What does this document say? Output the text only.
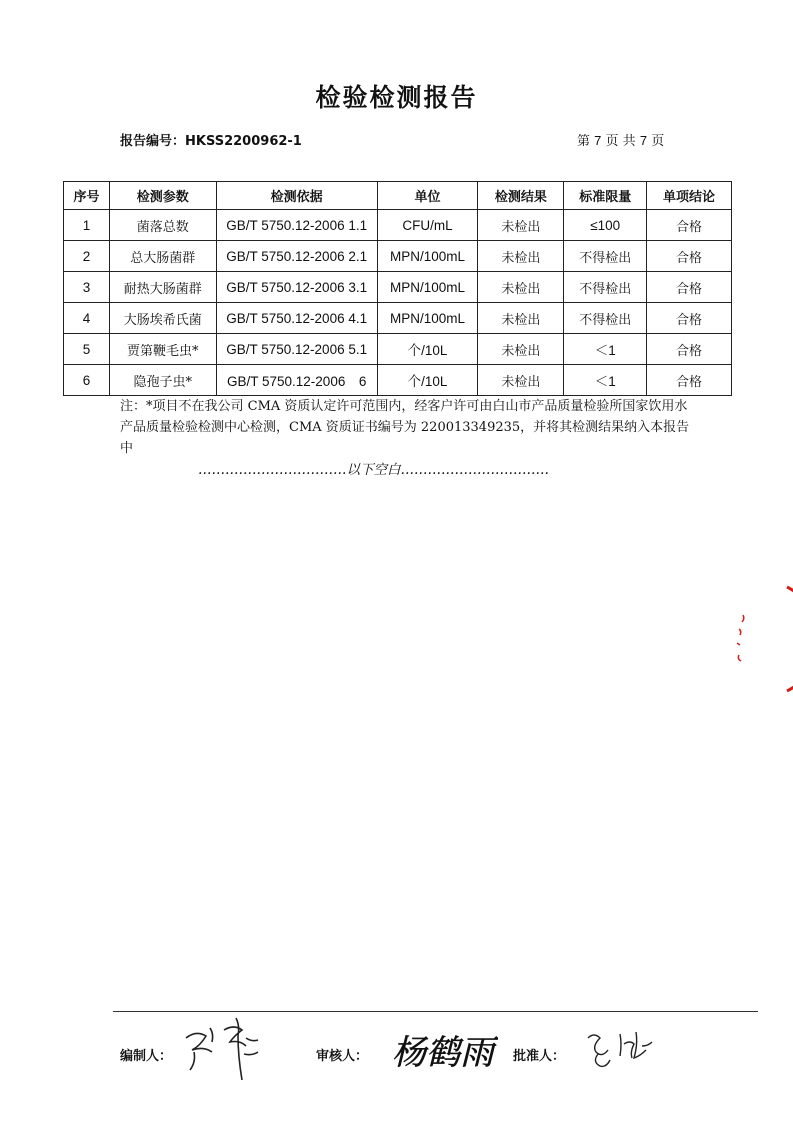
检验检测报告
报告编号：HKSS2200962-1	第 7 页 共 7 页
序号	检测参数	检测依据	单位	检测结果	标准限量	单项结论
1	菌落总数	GB/T 5750.12-2006 1.1	CFU/mL	未检出	≤100	合格
2	总大肠菌群	GB/T 5750.12-2006 2.1	MPN/100mL	未检出	不得检出	合格
3	耐热大肠菌群	GB/T 5750.12-2006 3.1	MPN/100mL	未检出	不得检出	合格
4	大肠埃希氏菌	GB/T 5750.12-2006 4.1	MPN/100mL	未检出	不得检出	合格
5	贾第鞭毛虫*	GB/T 5750.12-2006 5.1	个/10L	未检出	＜1	合格
6	隐孢子虫*	GB/T 5750.12-2006　6	个/10L	未检出	＜1	合格
注：*项目不在我公司 CMA 资质认定许可范围内，经客户许可由白山市产品质量检验所国家饮用水产品质量检验检测中心检测，CMA 资质证书编号为 220013349235，并将其检测结果纳入本报告中
……………………………以下空白……………………………
编制人：	审核人：	批准人：
杨鹤雨
